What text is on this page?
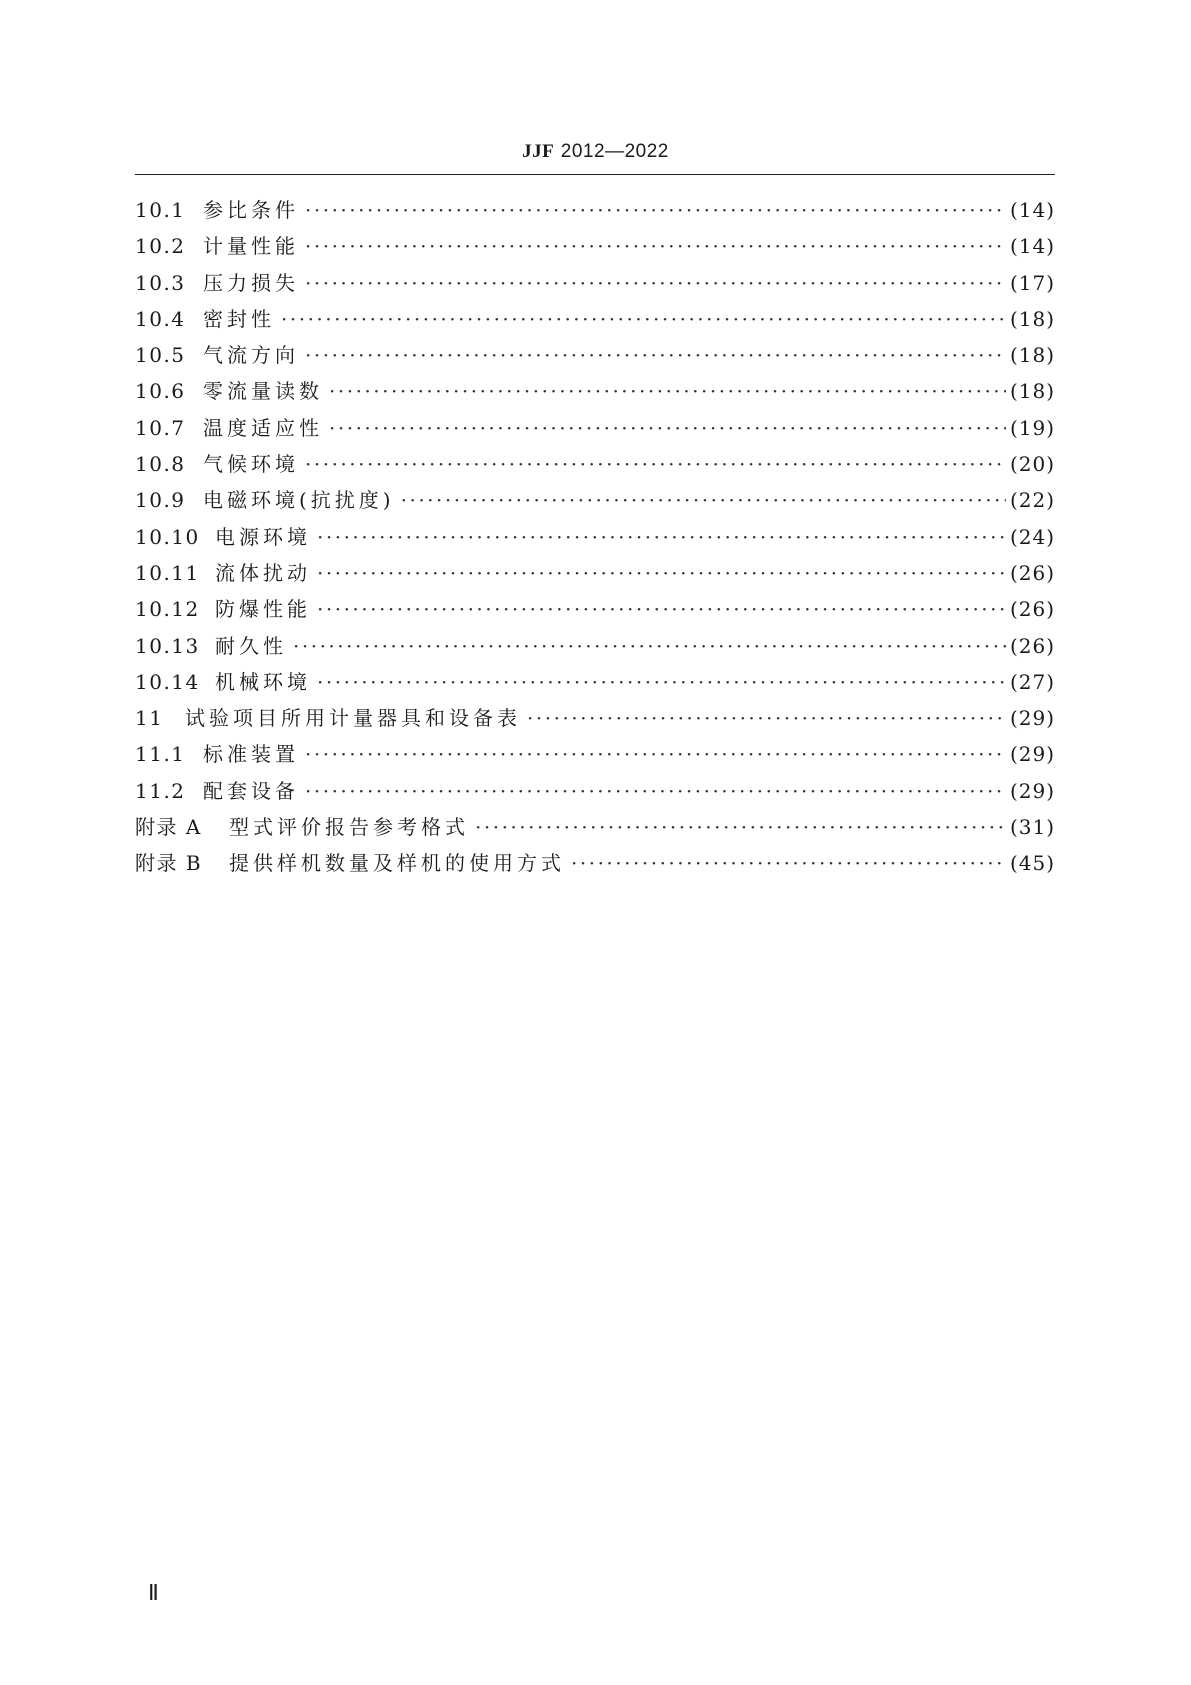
JJF 2012—2022
10.1 参比条件 ·····	(14)
10.2 计量性能 ·····	(14)
10.3 压力损失 ·····	(17)
10.4 密封性 ·····	(18)
10.5 气流方向 ·····	(18)
10.6 零流量读数 ·····	(18)
10.7 温度适应性 ·····	(19)
10.8 气候环境 ·····	(20)
10.9 电磁环境(抗扰度) ·····	(22)
10.10 电源环境 ·····	(24)
10.11 流体扰动 ·····	(26)
10.12 防爆性能 ·····	(26)
10.13 耐久性 ·····	(26)
10.14 机械环境 ·····	(27)
11	试验项目所用计量器具和设备表 ·····	(29)
11.1 标准装置 ·····	(29)
11.2 配套设备 ·····	(29)
附录 A	型式评价报告参考格式 ·····	(31)
附录 B	提供样机数量及样机的使用方式 ·····	(45)
Ⅱ
